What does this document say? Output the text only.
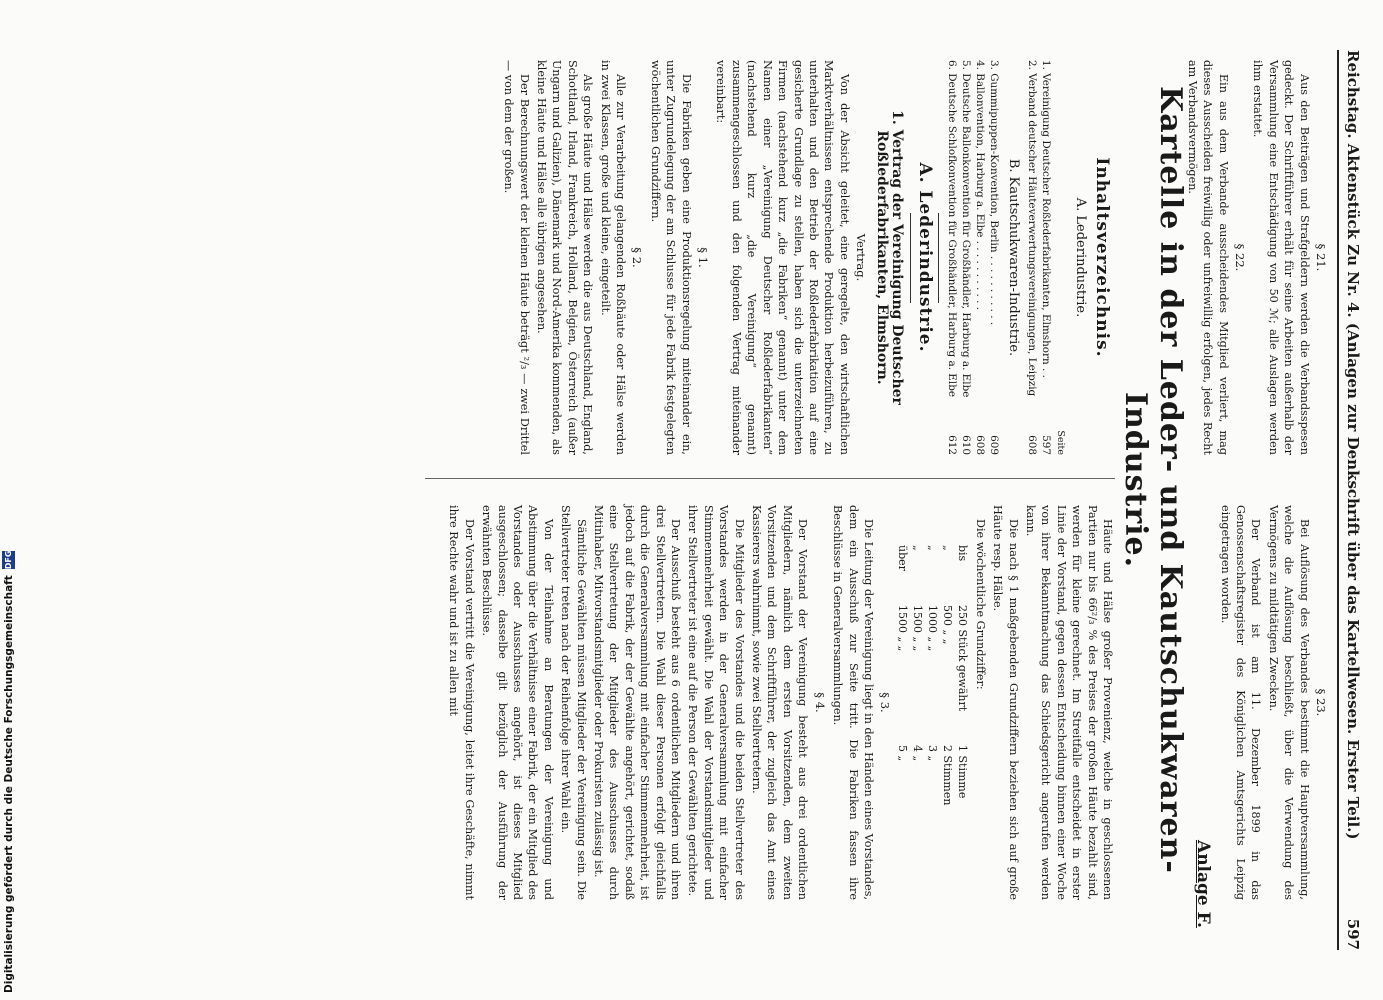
Reichstag. Aktenstück Zu Nr. 4. (Anlagen zur Denkschrift über das Kartellwesen. Erster Teil.)
597
§ 21.

Aus den Beiträgen und Strafgeldern werden die Verbandsspesen gedeckt. Der Schriftführer erhält für seine Arbeiten außerhalb der Versammlung eine Entschädigung von 50 ℳ; alle Auslagen werden ihm erstattet.

§ 22.

Ein aus dem Verbande ausscheidendes Mitglied verliert, mag dieses Ausscheiden freiwillig oder unfreiwillig erfolgen, jedes Recht am Verbandsvermögen.

§ 23.

Bei Auflösung des Verbandes bestimmt die Hauptversammlung, welche die Auflösung beschließt, über die Verwendung des Vermögens zu mildtätigen Zwecken.

Der Verband ist am 11. Dezember 1899 in das Genossenschaftsregister des Königlichen Amtsgerichts Leipzig eingetragen worden.

Anlage F.
Kartelle in der Leder- und Kautschukwaren-Industrie.
Inhaltsverzeichnis.
A. Lederindustrie.
Seite
1. Vereinigung Deutscher Roßlederfabrikanten, Elmshorn . .
597
2. Verband deutscher Häuteverwertungsvereinigungen, Leipzig
608
B. Kautschukwaren-Industrie.
3. Gummipuppen-Konvention, Berlin . . . . . . . . . . .
609
4. Ballonvention, Harburg a. Elbe . . . . . . . . . . .
608
5. Deutsche Ballonkonvention für Großhändler, Harburg a. Elbe
610
6. Deutsche Schlofkonvention für Großhändler, Harburg a. Elbe
612
A. Lederindustrie.
1. Vertrag der Vereinigung Deutscher Roßlederfabrikanten, Elmshorn.
Vertrag.

Von der Absicht geleitet, eine geregelte, den wirtschaftlichen Marktverhältnissen entsprechende Produktion herbeizuführen, zu unterhalten und den Betrieb der Roßlederfabrikation auf eine gesicherte Grundlage zu stellen, haben sich die unterzeichneten Firmen (nachstehend kurz „die Fabriken“ genannt) unter dem Namen einer „Vereinigung Deutscher Roßlederfabrikanten“ (nachstehend kurz „die Vereinigung“ genannt) zusammengeschlossen und den folgenden Vertrag miteinander vereinbart:

§ 1.

Die Fabriken geben eine Produktionsregelung miteinander ein, unter Zugrundelegung der am Schlusse für jede Fabrik festgelegten wöchentlichen Grundziffern.

§ 2.

Alle zur Verarbeitung gelangenden Roßhäute oder Hälse werden in zwei Klassen, große und kleine, eingeteilt.

Als große Häute und Hälse werden die aus Deutschland, England, Schottland, Irland, Frankreich, Holland, Belgien, Österreich (außer Ungarn und Galizien), Dänemark und Nord-Amerika kommenden, als kleine Häute und Hälse alle übrigen angesehen.

Der Berechnungswert der kleinen Häute beträgt ²/₃ — zwei Drittel — von dem der großen.

Häute und Hälse großer Provenienz, welche in geschlossenen Partien nur bis 66²/₃ % des Preises der großen Häute bezahlt sind, werden für kleine gerechnet. Im Streitfalle entscheidet in erster Linie der Vorstand, gegen dessen Entscheidung binnen einer Woche von ihrer Bekanntmachung das Schiedsgericht angerufen werden kann.

Die nach § 1 maßgebenden Grundziffern beziehen sich auf große Häute resp. Hälse.

Die wöchentliche Grundziffer:

bis
250 Stück gewährt
1 Stimme
„
500 „ „
2 Stimmen
„
1000 „ „
3 „
„
1500 „ „
4 „
über
1500 „ „
5 „
§ 3.

Die Leitung der Vereinigung liegt in den Händen eines Vorstandes, dem ein Ausschuß zur Seite tritt. Die Fabriken fassen ihre Beschlüsse in Generalversammlungen.

§ 4.

Der Vorstand der Vereinigung besteht aus drei ordentlichen Mitgliedern, nämlich dem ersten Vorsitzenden, dem zweiten Vorsitzenden und dem Schriftführer, der zugleich das Amt eines Kassierers wahrnimmt, sowie zwei Stellvertretern.

Die Mitglieder des Vorstandes und die beiden Stellvertreter des Vorstandes werden in der Generalversammlung mit einfacher Stimmenmehrheit gewählt. Die Wahl der Vorstandsmitglieder und ihrer Stellvertreter ist eine auf die Person der Gewählten gerichtete.

Der Ausschuß besteht aus 6 ordentlichen Mitgliedern und ihren drei Stellvertretern. Die Wahl dieser Personen erfolgt gleichfalls durch die Generalversammlung mit einfacher Stimmenmehrheit, ist jedoch auf die Fabrik, der der Gewählte angehört, gerichtet, sodaß eine Stellvertretung der Mitglieder des Ausschusses durch Mitinhaber, Mitvorstandsmitglieder oder Prokuristen zulässig ist.

Sämtliche Gewählten müssen Mitglieder der Vereinigung sein. Die Stellvertreter treten nach der Reihenfolge ihrer Wahl ein.

Von der Teilnahme an Beratungen der Vereinigung und Abstimmung über die Verhältnisse einer Fabrik, der ein Mitglied des Vorstandes oder Ausschusses angehört, ist dieses Mitglied ausgeschlossen; dasselbe gilt bezüglich der Ausführung der erwähnten Beschlüsse.

Der Vorstand vertritt die Vereinigung, leitet ihre Geschäfte, nimmt ihre Rechte wahr und ist zu allen mit

Digitalisierung gefördert durch die Deutsche Forschungsgemeinschaft
DFG
